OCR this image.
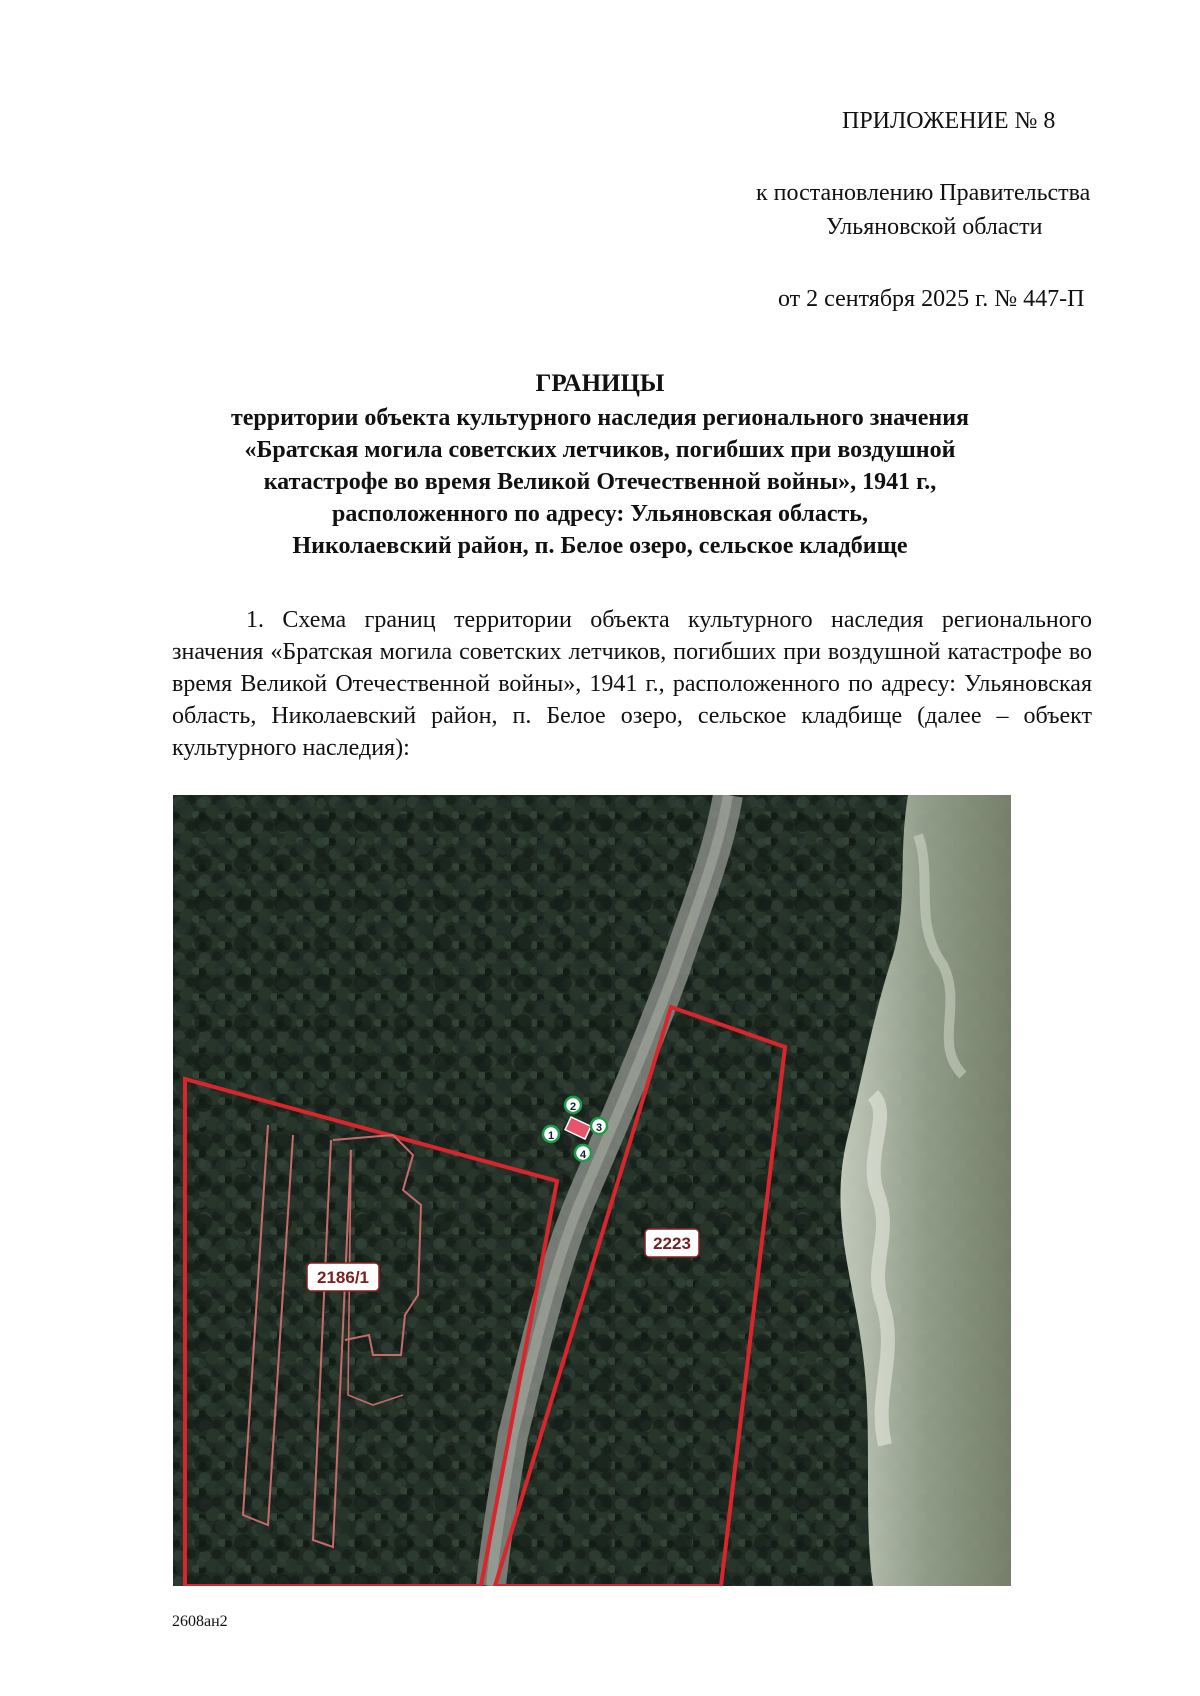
ПРИЛОЖЕНИЕ № 8
к постановлению Правительства
Ульяновской области
от 2 сентября 2025 г. № 447-П
ГРАНИЦЫ
территории объекта культурного наследия регионального значения
«Братская могила советских летчиков, погибших при воздушной
катастрофе во время Великой Отечественной войны», 1941 г.,
расположенного по адресу: Ульяновская область,
Николаевский район, п. Белое озеро, сельское кладбище

1. Схема границ территории объекта культурного наследия регионального значения «Братская могила советских летчиков, погибших при воздушной катастрофе во время Великой Отечественной войны», 1941 г., расположенного по адресу: Ульяновская область, Николаевский район, п. Белое озеро, сельское кладбище (далее – объект культурного наследия):

2186/1
2223
1
2
3
4
2608ан2
